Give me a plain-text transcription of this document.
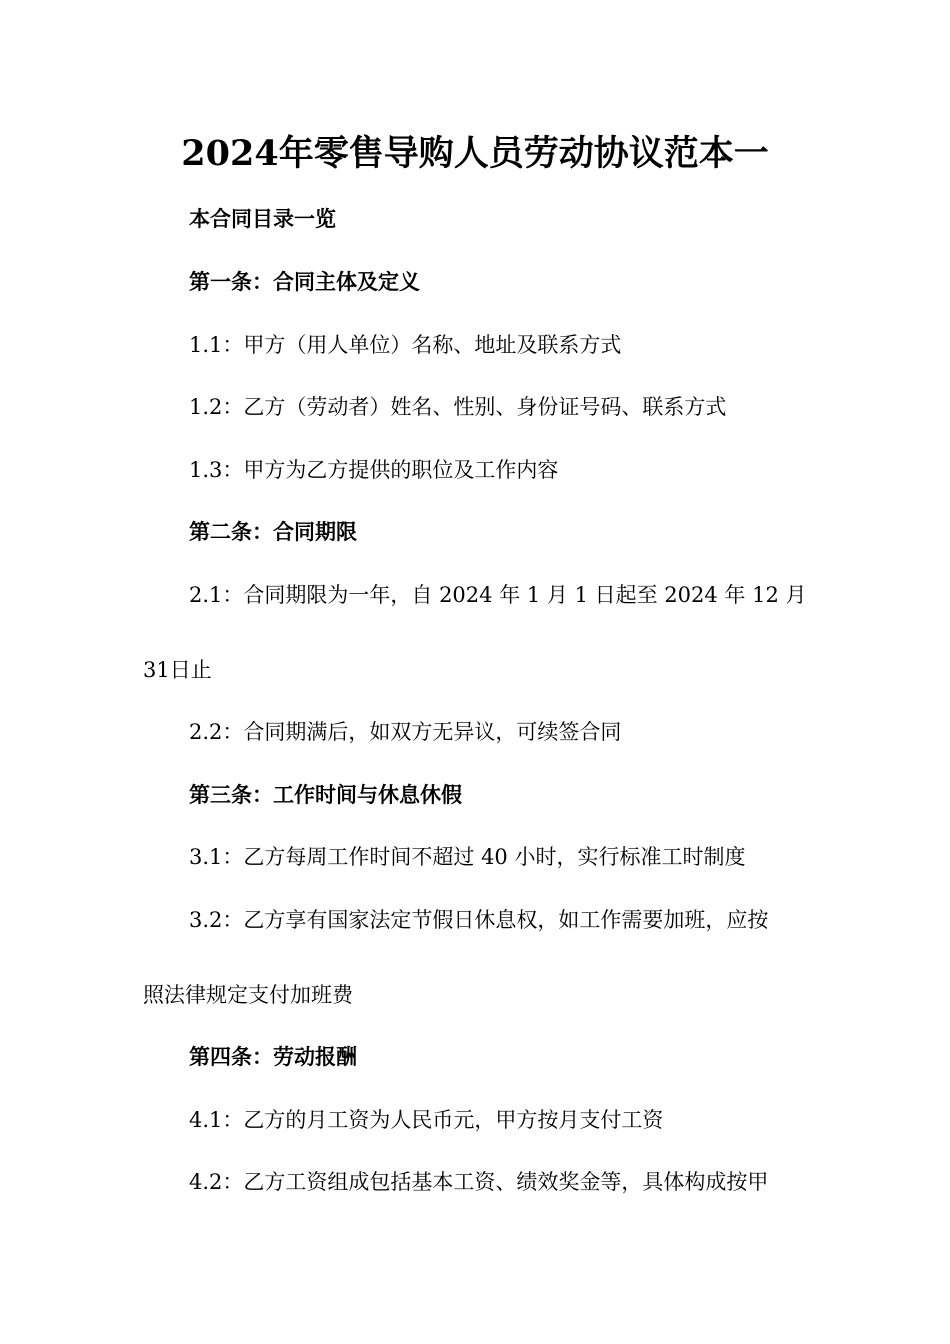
2024年零售导购人员劳动协议范本一
本合同目录一览
第一条：合同主体及定义
1.1：甲方（用人单位）名称、地址及联系方式
1.2：乙方（劳动者）姓名、性别、身份证号码、联系方式
1.3：甲方为乙方提供的职位及工作内容
第二条：合同期限
2.1：合同期限为一年，自 2024 年 1 月 1 日起至 2024 年 12 月
31日止
2.2：合同期满后，如双方无异议，可续签合同
第三条：工作时间与休息休假
3.1：乙方每周工作时间不超过 40 小时，实行标准工时制度
3.2：乙方享有国家法定节假日休息权，如工作需要加班，应按
照法律规定支付加班费
第四条：劳动报酬
4.1：乙方的月工资为人民币元，甲方按月支付工资
4.2：乙方工资组成包括基本工资、绩效奖金等，具体构成按甲
